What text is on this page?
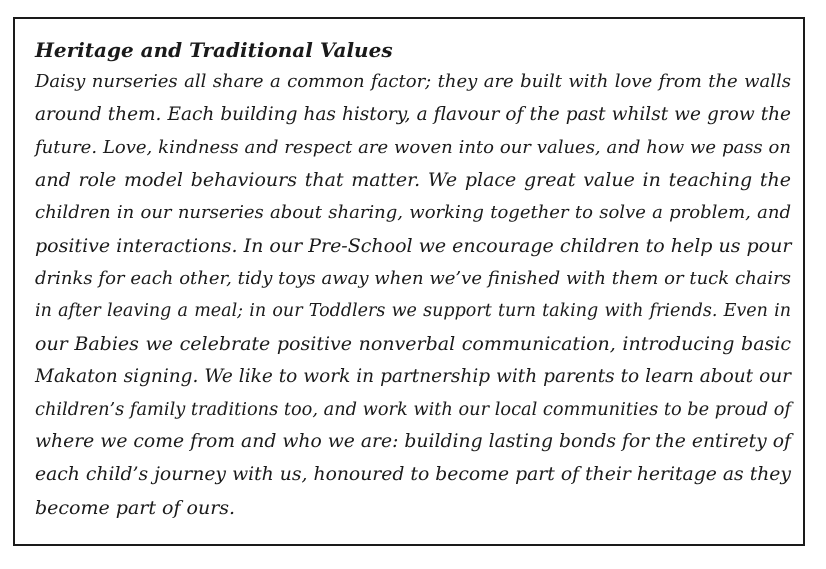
Heritage and Traditional Values
Daisy nurseries all share a common factor; they are built with love from the walls
around them. Each building has history, a flavour of the past whilst we grow the
future. Love, kindness and respect are woven into our values, and how we pass on
and role model behaviours that matter. We place great value in teaching the
children in our nurseries about sharing, working together to solve a problem, and
positive interactions. In our Pre-School we encourage children to help us pour
drinks for each other, tidy toys away when we’ve finished with them or tuck chairs
in after leaving a meal; in our Toddlers we support turn taking with friends. Even in
our Babies we celebrate positive nonverbal communication, introducing basic
Makaton signing. We like to work in partnership with parents to learn about our
children’s family traditions too, and work with our local communities to be proud of
where we come from and who we are: building lasting bonds for the entirety of
each child’s journey with us, honoured to become part of their heritage as they
become part of ours.
